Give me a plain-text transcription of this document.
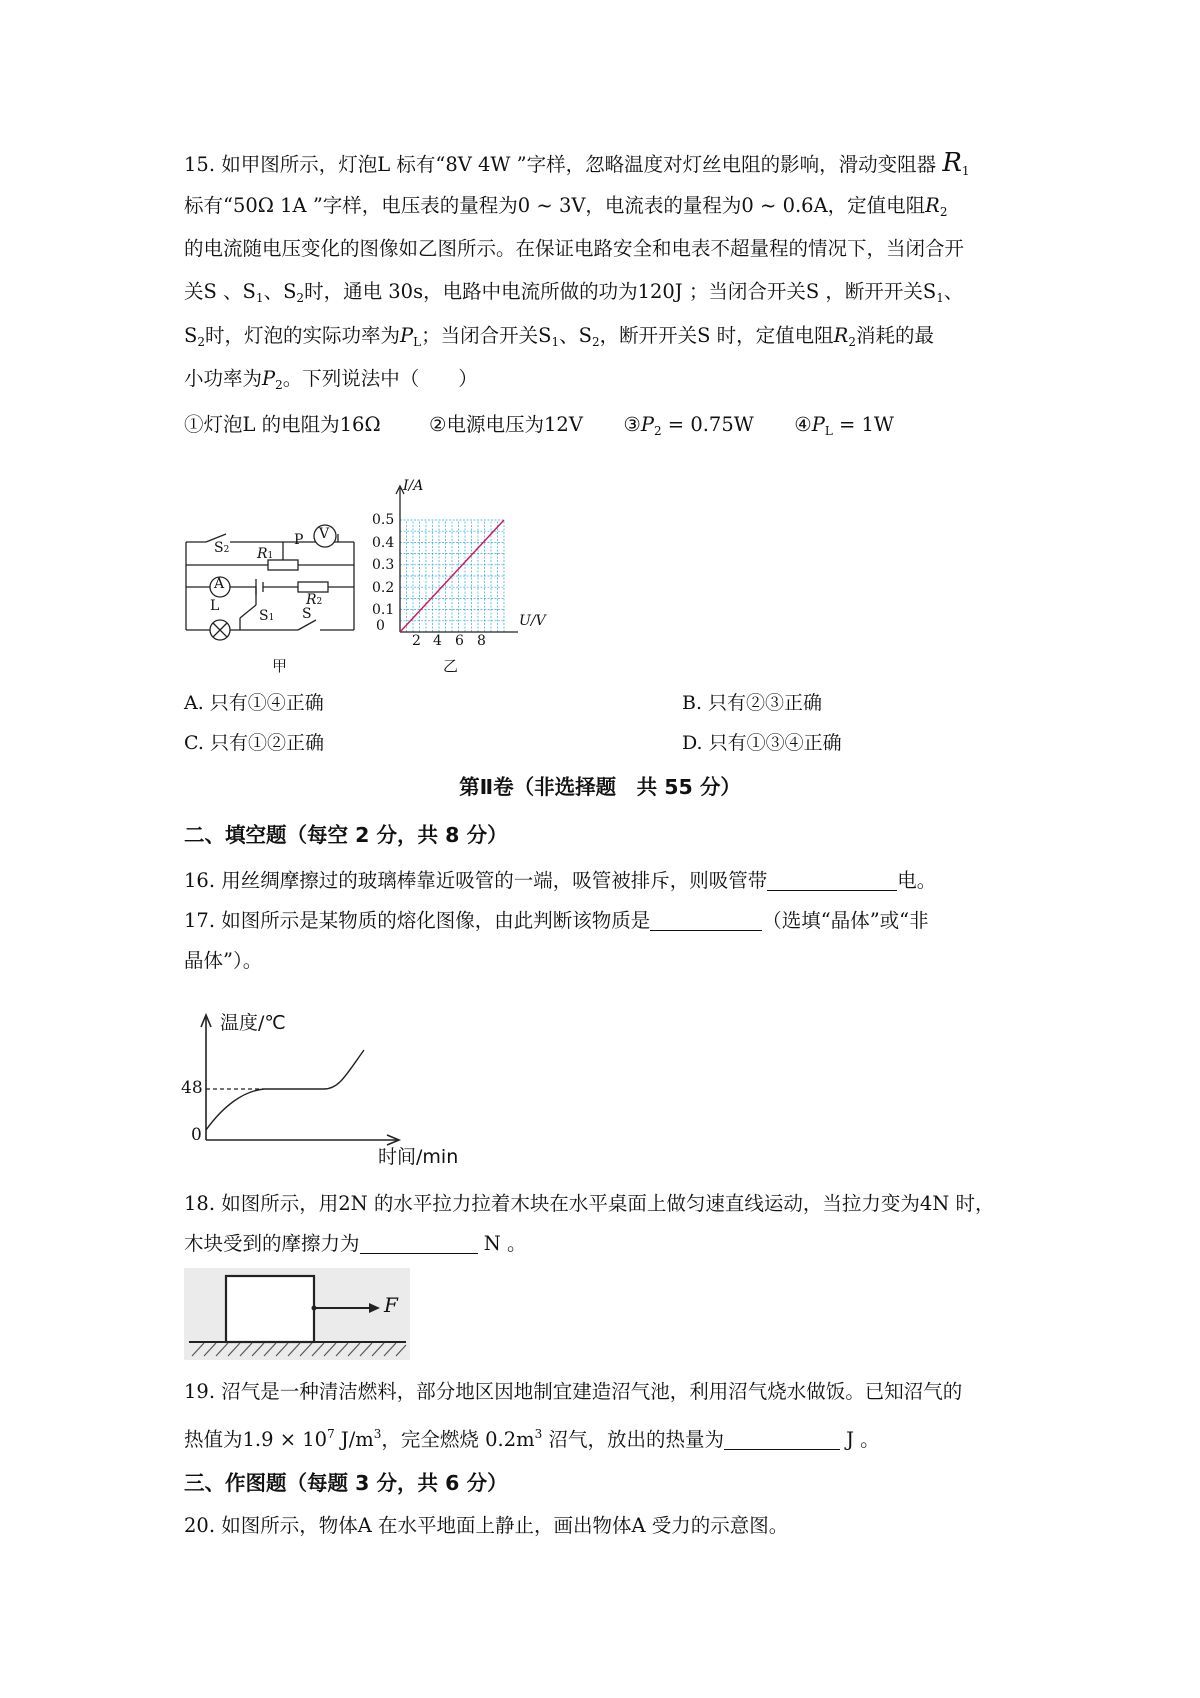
15. 如甲图所示，灯泡L 标有“8V 4W ”字样，忽略温度对灯丝电阻的影响，滑动变阻器 $R_1$
标有“50Ω 1A ”字样，电压表的量程为0 ~ 3V，电流表的量程为0 ~ 0.6A，定值电阻$R_2$
的电流随电压变化的图像如乙图所示。在保证电路安全和电表不超量程的情况下，当闭合开
关S 、$S_1$、$S_2$时，通电 30s，电路中电流所做的功为120J ；当闭合开关S ，断开开关$S_1$、
$S_2$时，灯泡的实际功率为$P_L$；当闭合开关$S_1$、$S_2$，断开开关S 时，定值电阻$R_2$消耗的最
小功率为$P_2$。下列说法中（　　）
①灯泡L 的电阻为16Ω ②电源电压为12V $③P_2 = 0.75W$ $④P_L = 1W$
V
A
S2
P
R1
R2
L
S1 S
甲
I/A
U/V
0
0.1
0.2
0.3
0.4
0.5
2 4 6 8
乙
A. 只有①④正确	B. 只有②③正确
C. 只有①②正确	D. 只有①③④正确
第Ⅱ卷（非选择题　共 55 分）
二、填空题（每空 2 分，共 8 分）
16. 用丝绸摩擦过的玻璃棒靠近吸管的一端，吸管被排斥，则吸管带	电。
17. 如图所示是某物质的熔化图像，由此判断该物质是	（选填“晶体”或“非
晶体”）。
温度/℃
48
0
时间/min
18. 如图所示，用2N 的水平拉力拉着木块在水平桌面上做匀速直线运动，当拉力变为4N 时，
木块受到的摩擦力为	N 。
F
19. 沼气是一种清洁燃料，部分地区因地制宜建造沼气池，利用沼气烧水做饭。已知沼气的
热值为$1.9 \times 10^7$ $J/m^3$，完全燃烧 $0.2m^3$ 沼气，放出的热量为	J 。
三、作图题（每题 3 分，共 6 分）
20. 如图所示，物体A 在水平地面上静止，画出物体A 受力的示意图。
